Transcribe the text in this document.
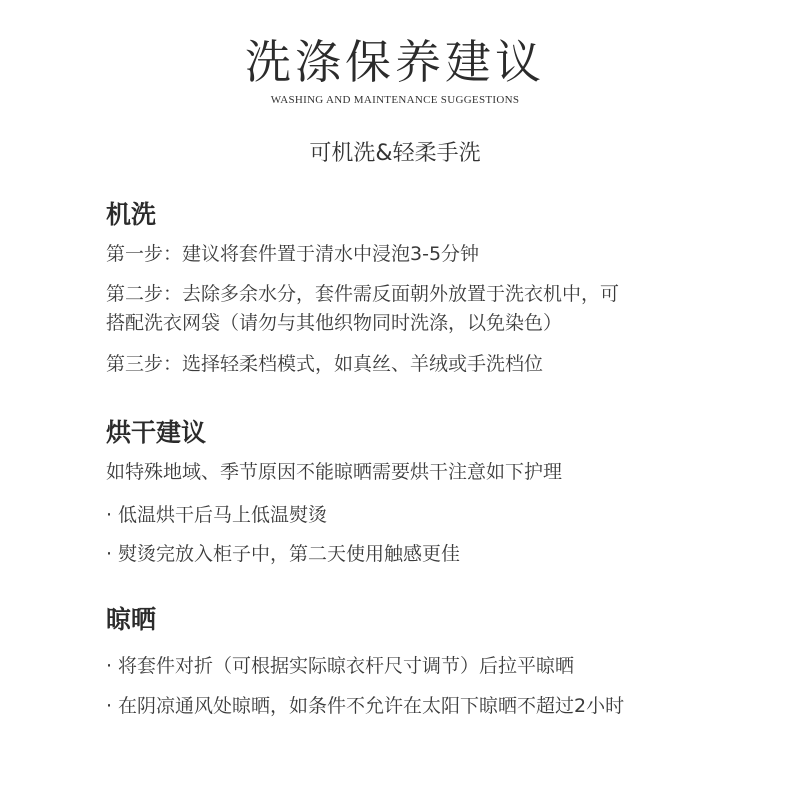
洗涤保养建议
WASHING AND MAINTENANCE SUGGESTIONS
可机洗&轻柔手洗
机洗
第一步：建议将套件置于清水中浸泡3-5分钟
第二步：去除多余水分，套件需反面朝外放置于洗衣机中，可
搭配洗衣网袋（请勿与其他织物同时洗涤，以免染色）
第三步：选择轻柔档模式，如真丝、羊绒或手洗档位
烘干建议
如特殊地域、季节原因不能晾晒需要烘干注意如下护理
· 低温烘干后马上低温熨烫
· 熨烫完放入柜子中，第二天使用触感更佳
晾晒
· 将套件对折（可根据实际晾衣杆尺寸调节）后拉平晾晒
· 在阴凉通风处晾晒，如条件不允许在太阳下晾晒不超过2小时
